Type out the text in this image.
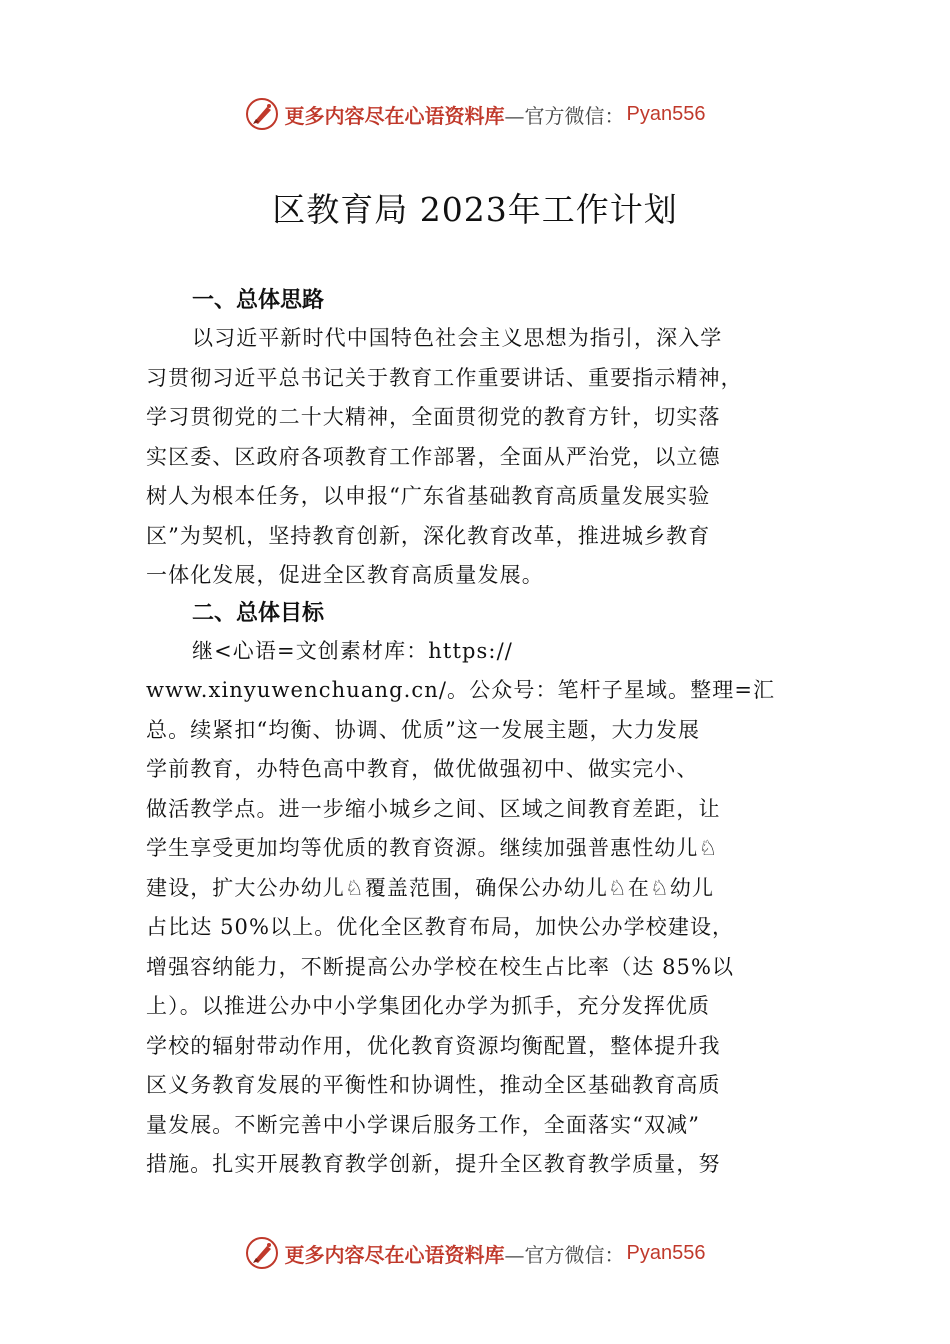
更多内容尽在心语资料库 —官方微信： Pyan556
区教育局 2023年工作计划
一、总体思路
以习近平新时代中国特色社会主义思想为指引，深入学
习贯彻习近平总书记关于教育工作重要讲话、重要指示精神，
学习贯彻党的二十大精神，全面贯彻党的教育方针，切实落
实区委、区政府各项教育工作部署，全面从严治党，以立德
树人为根本任务，以申报“广东省基础教育高质量发展实验
区”为契机，坚持教育创新，深化教育改革，推进城乡教育
一体化发展，促进全区教育高质量发展。
二、总体目标
继<心语=文创素材库：https://
www.xinyuwenchuang.cn/。公众号：笔杆子星域。整理=汇
总。续紧扣“均衡、协调、优质”这一发展主题，大力发展
学前教育，办特色高中教育，做优做强初中、做实完小、
做活教学点。进一步缩小城乡之间、区域之间教育差距，让
学生享受更加均等优质的教育资源。继续加强普惠性幼儿♘
建设，扩大公办幼儿♘覆盖范围，确保公办幼儿♘在♘幼儿
占比达 50%以上。优化全区教育布局，加快公办学校建设，
增强容纳能力，不断提高公办学校在校生占比率（达 85%以
上）。以推进公办中小学集团化办学为抓手，充分发挥优质
学校的辐射带动作用，优化教育资源均衡配置，整体提升我
区义务教育发展的平衡性和协调性，推动全区基础教育高质
量发展。不断完善中小学课后服务工作，全面落实“双减”
措施。扎实开展教育教学创新，提升全区教育教学质量，努
更多内容尽在心语资料库 —官方微信： Pyan556
